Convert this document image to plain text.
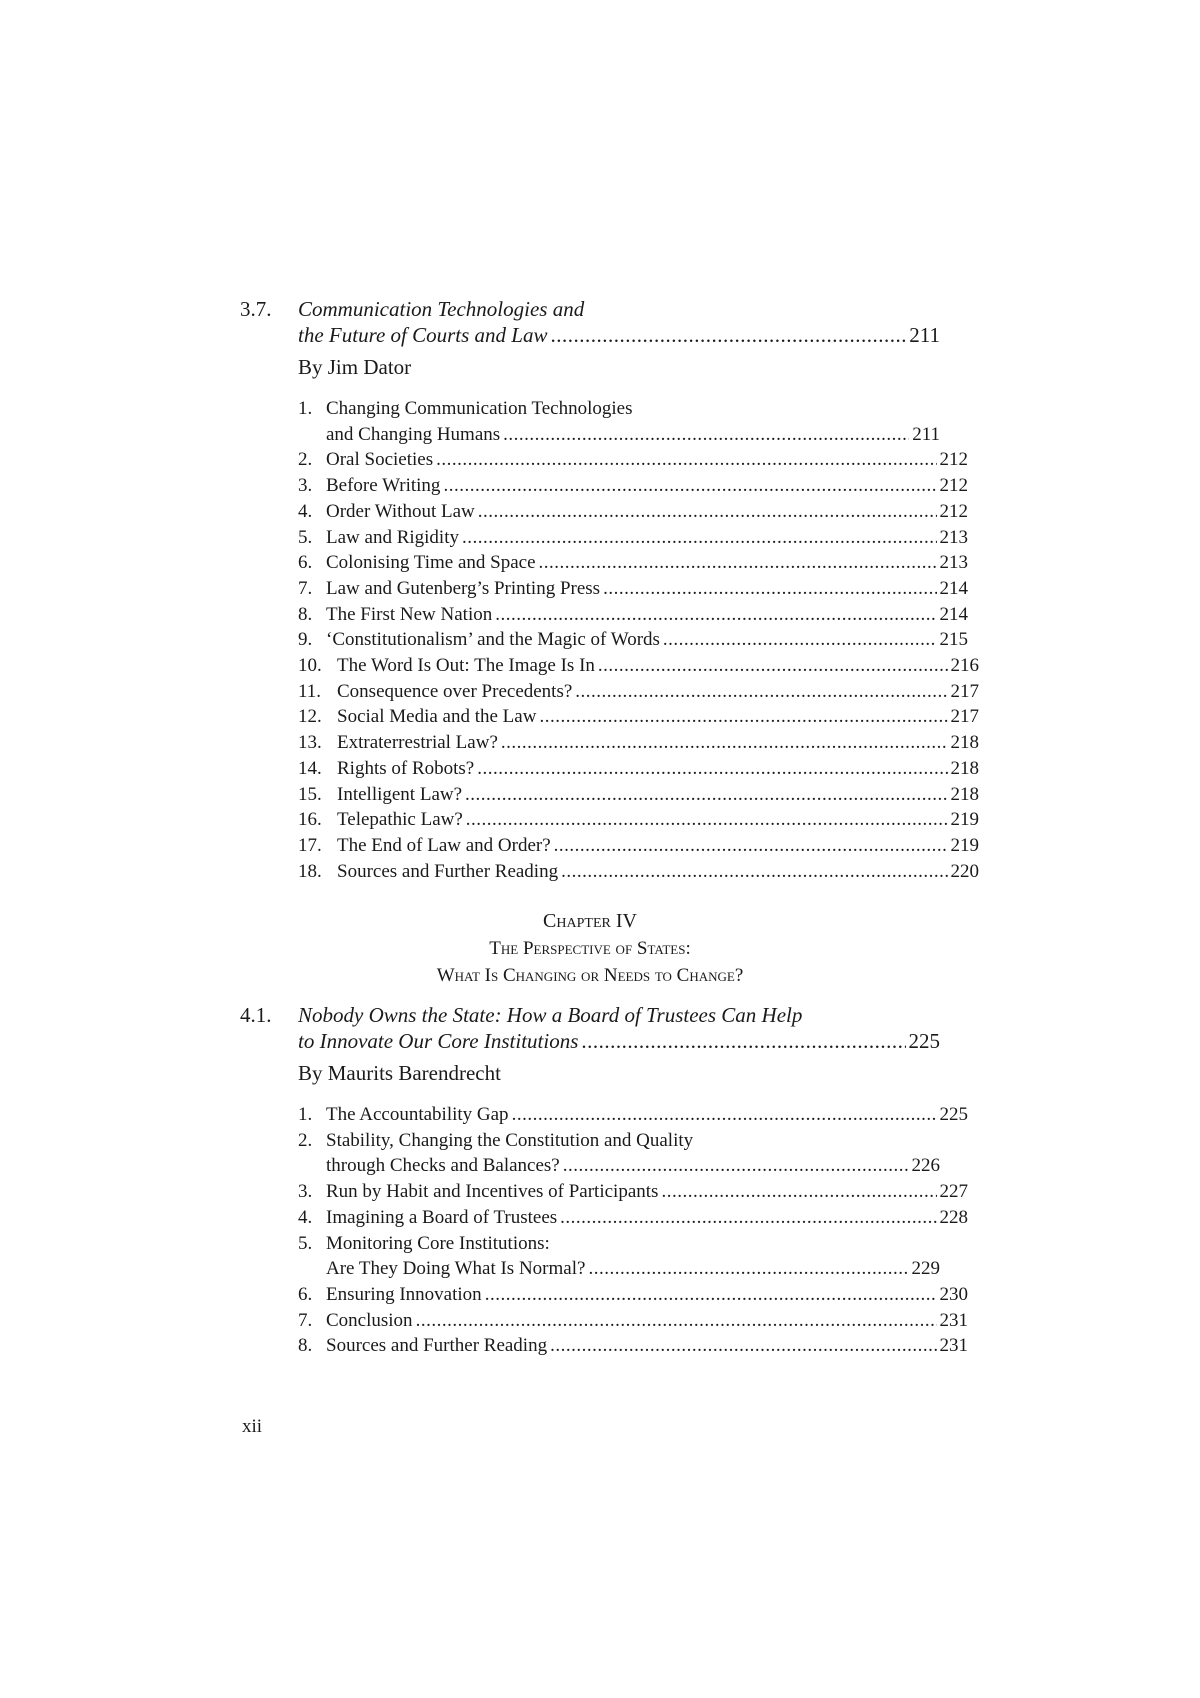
3.7. Communication Technologies and
the Future of Courts and Law .....	211
By Jim Dator
1. Changing Communication Technologies
and Changing Humans .....	211
2. Oral Societies .....	212
3. Before Writing .....	212
4. Order Without Law .....	212
5. Law and Rigidity .....	213
6. Colonising Time and Space .....	213
7. Law and Gutenberg’s Printing Press .....	214
8. The First New Nation .....	214
9. ‘Constitutionalism’ and the Magic of Words .....	215
10. The Word Is Out: The Image Is In .....	216
11. Consequence over Precedents? .....	217
12. Social Media and the Law .....	217
13. Extraterrestrial Law? .....	218
14. Rights of Robots? .....	218
15. Intelligent Law? .....	218
16. Telepathic Law? .....	219
17. The End of Law and Order? .....	219
18. Sources and Further Reading .....	220
Chapter IV
The Perspective of States:
What Is Changing or Needs to Change?
4.1. Nobody Owns the State: How a Board of Trustees Can Help
to Innovate Our Core Institutions .....	225
By Maurits Barendrecht
1. The Accountability Gap .....	225
2. Stability, Changing the Constitution and Quality
through Checks and Balances? .....	226
3. Run by Habit and Incentives of Participants .....	227
4. Imagining a Board of Trustees .....	228
5. Monitoring Core Institutions:
Are They Doing What Is Normal? .....	229
6. Ensuring Innovation .....	230
7. Conclusion .....	231
8. Sources and Further Reading .....	231
xii
